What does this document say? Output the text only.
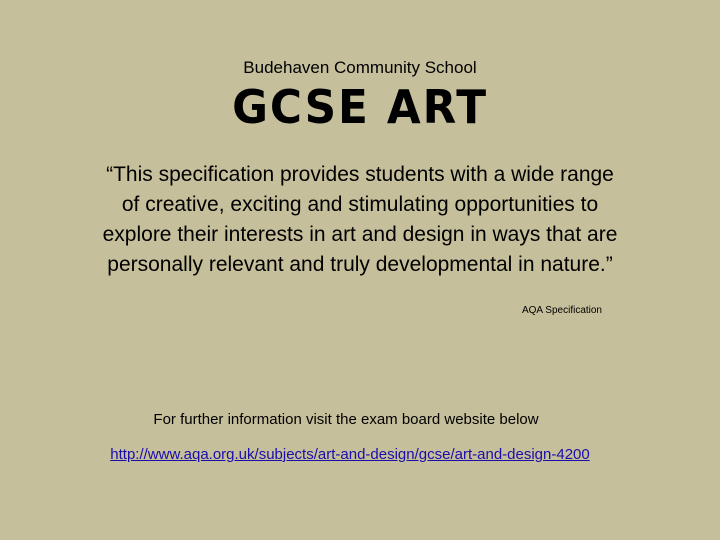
Budehaven Community School
GCSE ART
“This specification provides students with a wide range of creative, exciting and stimulating opportunities to explore their interests in art and design in ways that are personally relevant and truly developmental in nature.”
AQA Specification
For further information visit the exam board website below
http://www.aqa.org.uk/subjects/art-and-design/gcse/art-and-design-4200
